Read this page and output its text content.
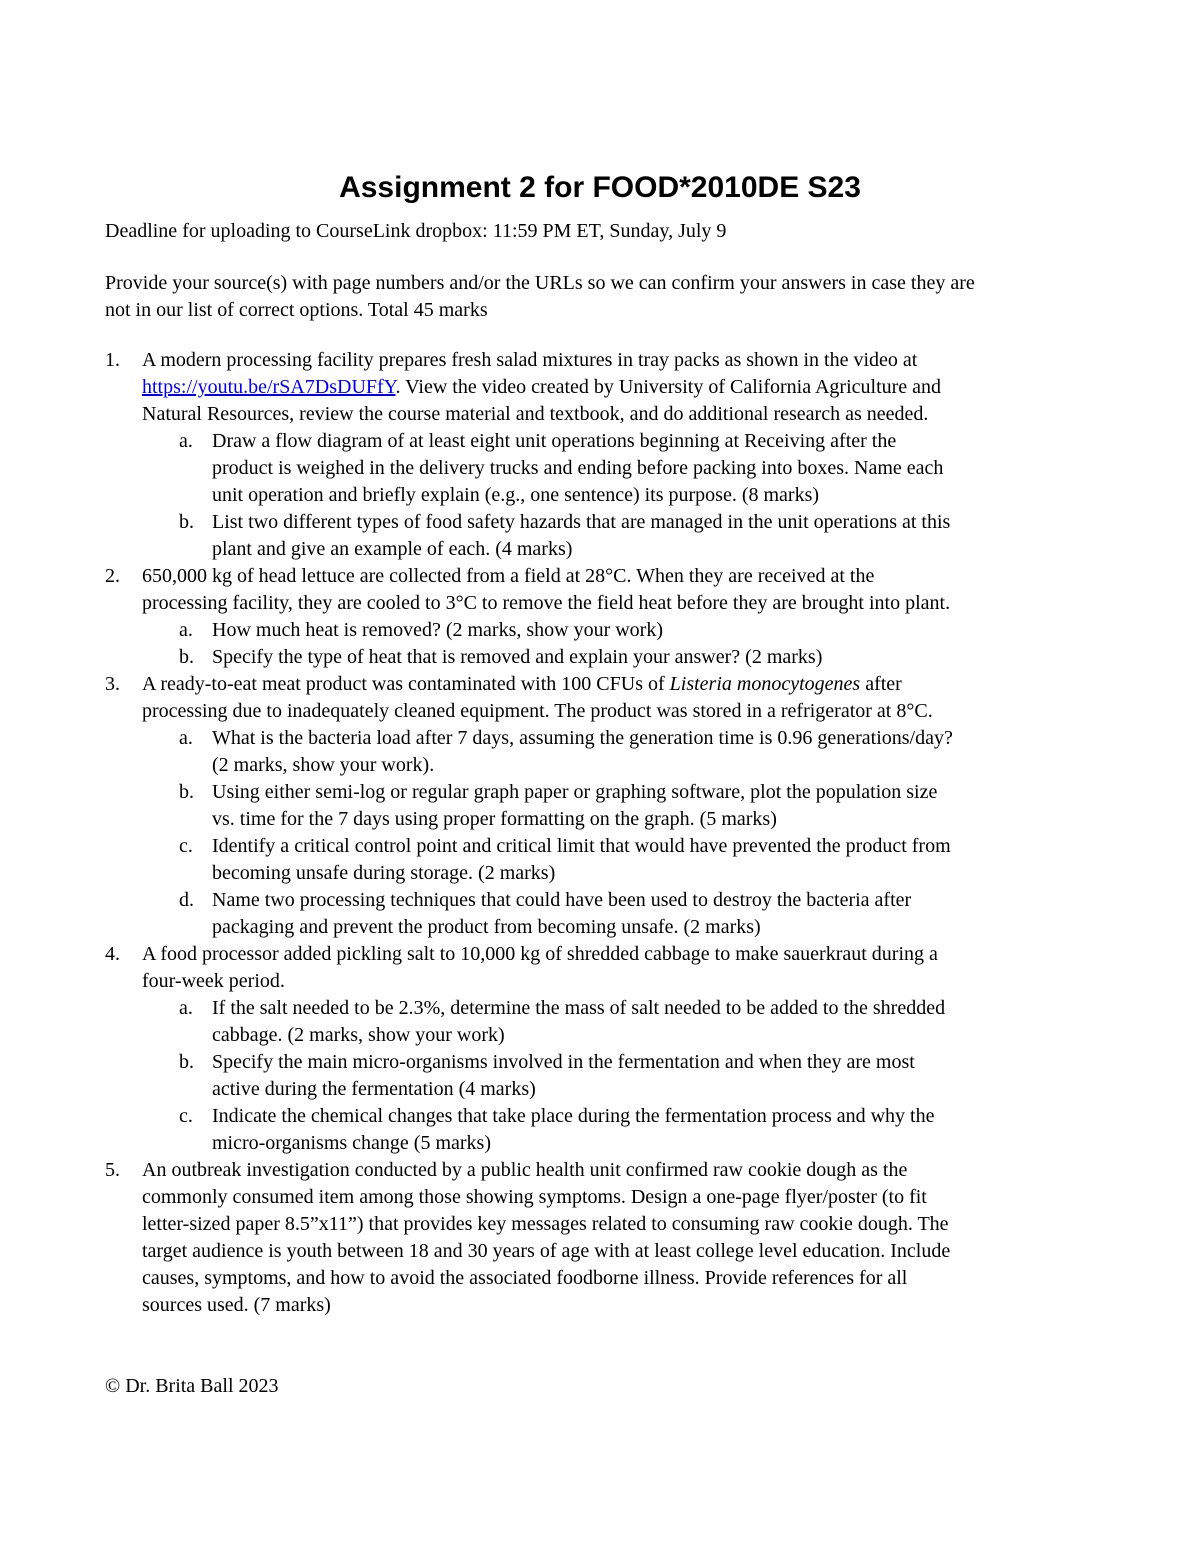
Assignment 2 for FOOD*2010DE S23

Deadline for uploading to CourseLink dropbox: 11:59 PM ET, Sunday, July 9

Provide your source(s) with page numbers and/or the URLs so we can confirm your answers in case they are
not in our list of correct options. Total 45 marks

1.	A modern processing facility prepares fresh salad mixtures in tray packs as shown in the video at
https://youtu.be/rSA7DsDUFfY. View the video created by University of California Agriculture and
Natural Resources, review the course material and textbook, and do additional research as needed.
a. Draw a flow diagram of at least eight unit operations beginning at Receiving after the
product is weighed in the delivery trucks and ending before packing into boxes. Name each
unit operation and briefly explain (e.g., one sentence) its purpose. (8 marks)
b. List two different types of food safety hazards that are managed in the unit operations at this
plant and give an example of each. (4 marks)
2.	650,000 kg of head lettuce are collected from a field at 28°C. When they are received at the
processing facility, they are cooled to 3°C to remove the field heat before they are brought into plant.
a. How much heat is removed? (2 marks, show your work)
b. Specify the type of heat that is removed and explain your answer? (2 marks)
3.	A ready-to-eat meat product was contaminated with 100 CFUs of Listeria monocytogenes after
processing due to inadequately cleaned equipment. The product was stored in a refrigerator at 8°C.
a. What is the bacteria load after 7 days, assuming the generation time is 0.96 generations/day?
(2 marks, show your work).
b. Using either semi-log or regular graph paper or graphing software, plot the population size
vs. time for the 7 days using proper formatting on the graph. (5 marks)
c. Identify a critical control point and critical limit that would have prevented the product from
becoming unsafe during storage. (2 marks)
d. Name two processing techniques that could have been used to destroy the bacteria after
packaging and prevent the product from becoming unsafe. (2 marks)
4.	A food processor added pickling salt to 10,000 kg of shredded cabbage to make sauerkraut during a
four-week period.
a. If the salt needed to be 2.3%, determine the mass of salt needed to be added to the shredded
cabbage. (2 marks, show your work)
b. Specify the main micro-organisms involved in the fermentation and when they are most
active during the fermentation (4 marks)
c. Indicate the chemical changes that take place during the fermentation process and why the
micro-organisms change (5 marks)
5.	An outbreak investigation conducted by a public health unit confirmed raw cookie dough as the
commonly consumed item among those showing symptoms. Design a one-page flyer/poster (to fit
letter-sized paper 8.5”x11”) that provides key messages related to consuming raw cookie dough. The
target audience is youth between 18 and 30 years of age with at least college level education. Include
causes, symptoms, and how to avoid the associated foodborne illness. Provide references for all
sources used. (7 marks)

© Dr. Brita Ball 2023
